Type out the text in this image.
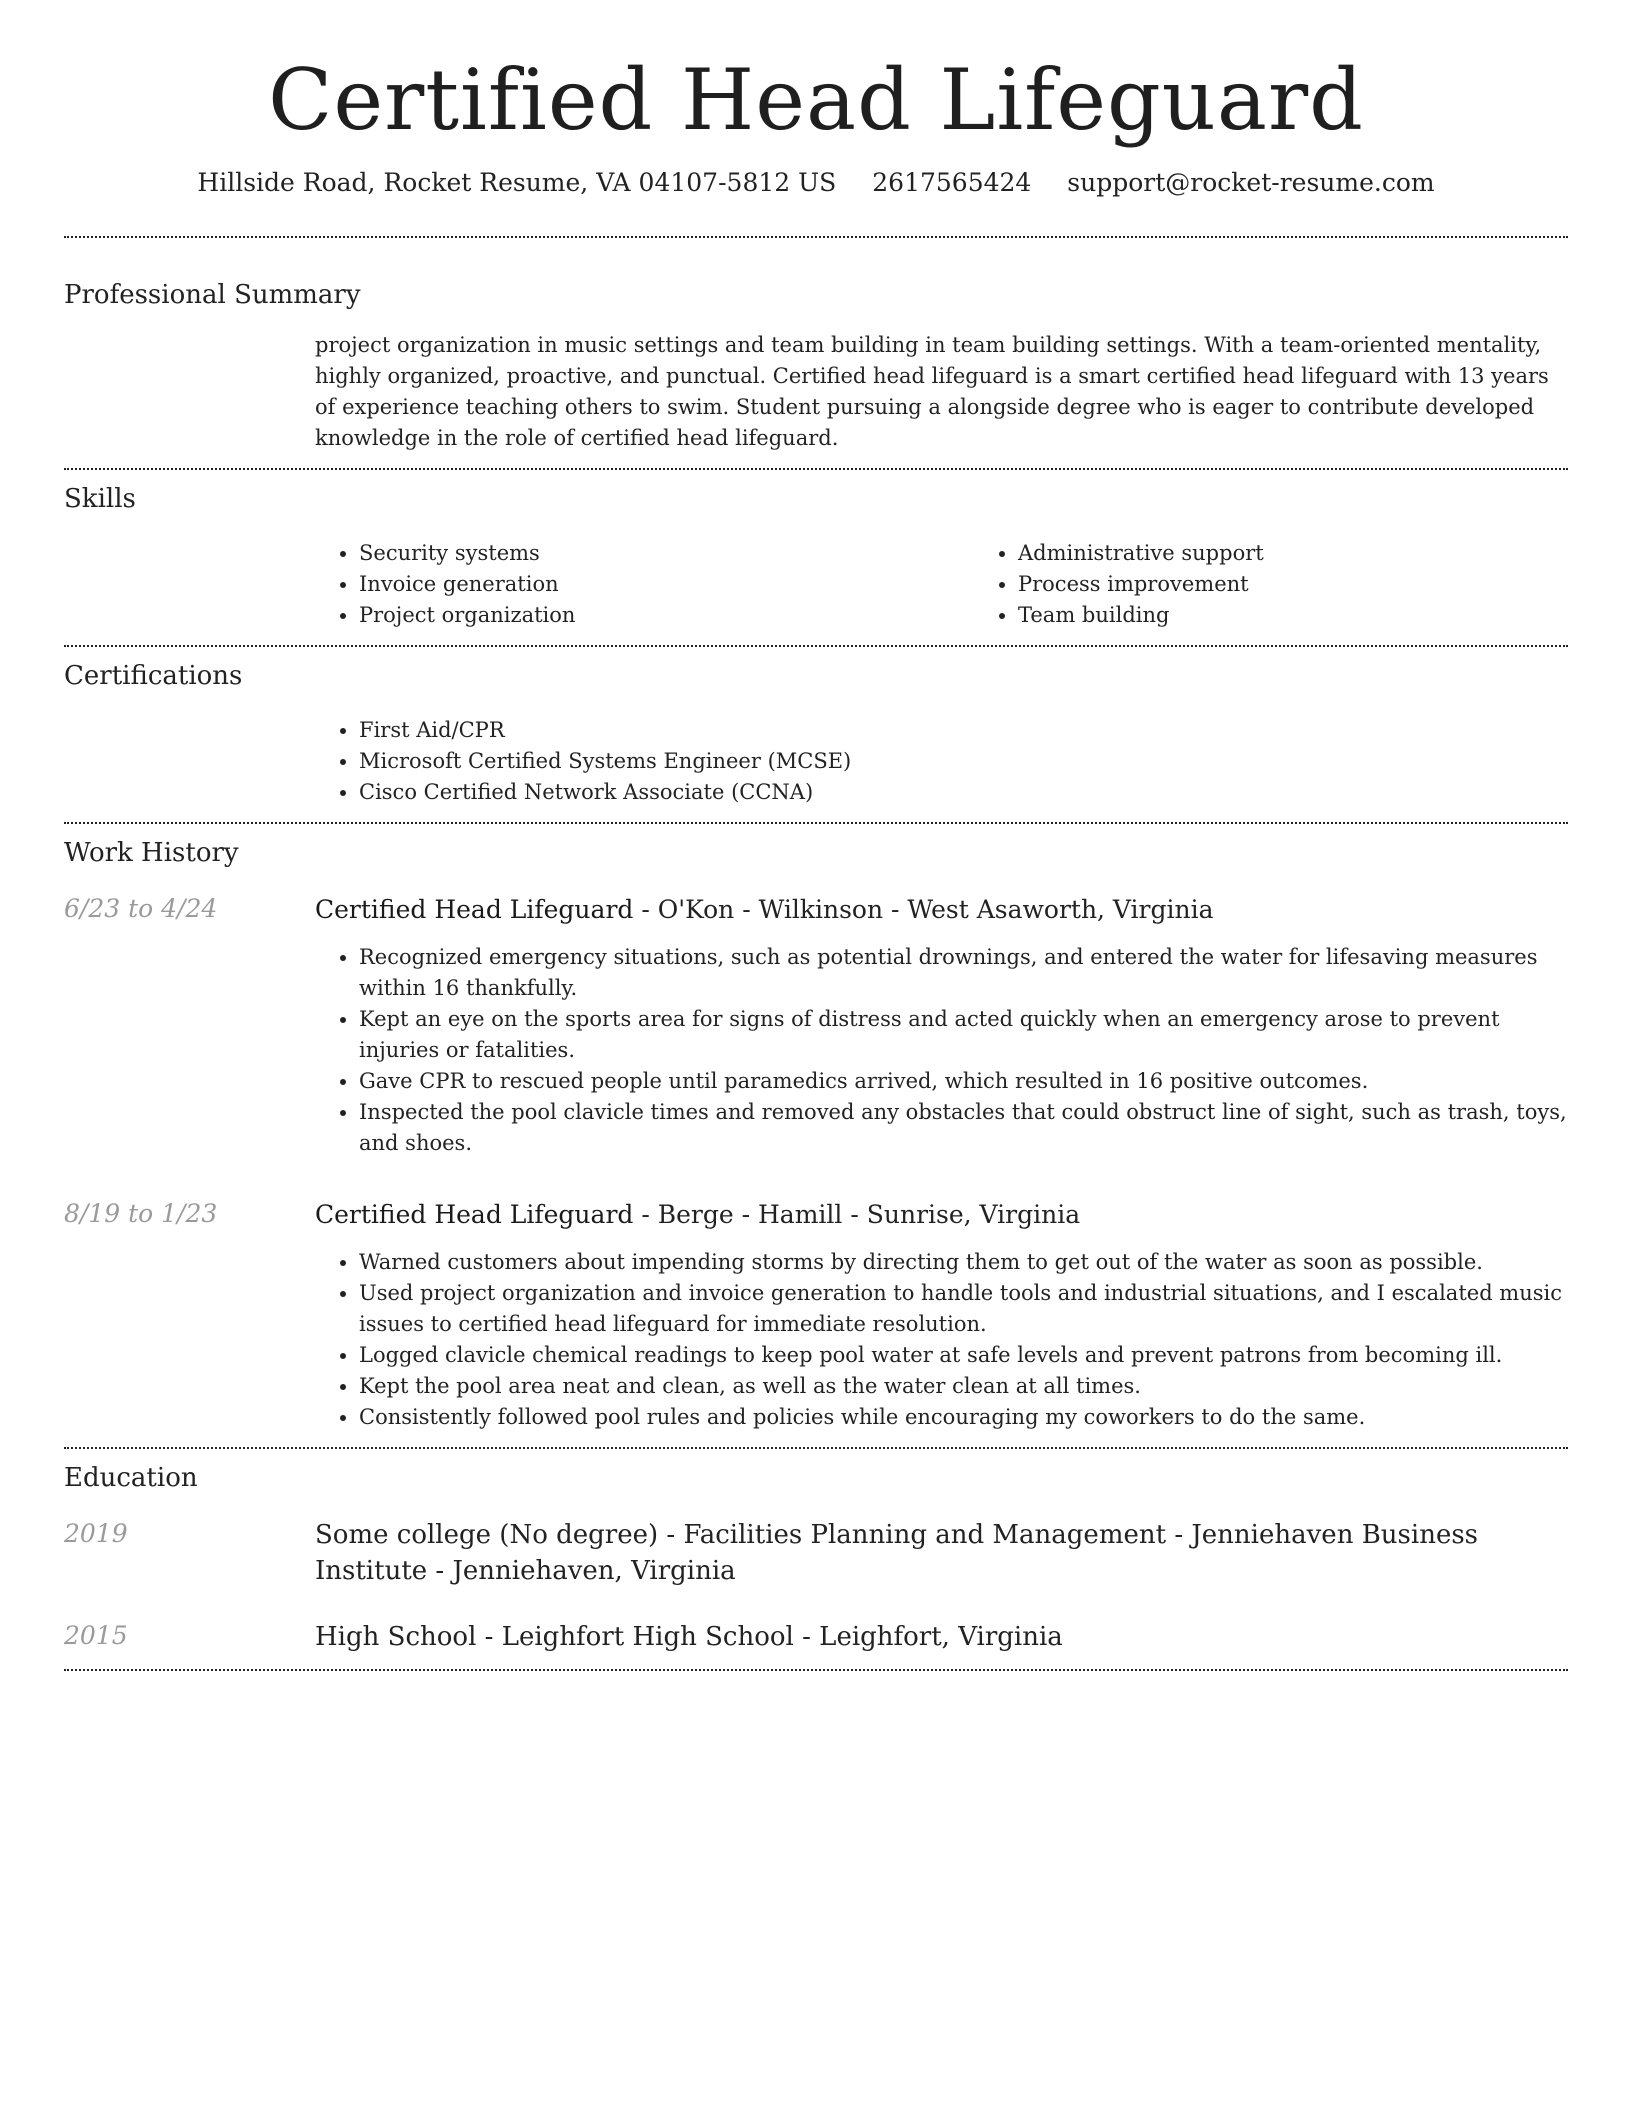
Certified Head Lifeguard
Hillside Road, Rocket Resume, VA 04107-5812 US 2617565424 support@rocket-resume.com
Professional Summary

project organization in music settings and team building in team building settings. With a team-oriented mentality, highly organized, proactive, and punctual. Certified head lifeguard is a smart certified head lifeguard with 13 years of experience teaching others to swim. Student pursuing a alongside degree who is eager to contribute developed knowledge in the role of certified head lifeguard.

Skills
• Security systems
• Invoice generation
• Project organization
• Administrative support
• Process improvement
• Team building
Certifications
• First Aid/CPR
• Microsoft Certified Systems Engineer (MCSE)
• Cisco Certified Network Associate (CCNA)
Work History
6/23 to 4/24	Certified Head Lifeguard - O'Kon - Wilkinson - West Asaworth, Virginia

• Recognized emergency situations, such as potential drownings, and entered the water for lifesaving measures within 16 thankfully.
• Kept an eye on the sports area for signs of distress and acted quickly when an emergency arose to prevent injuries or fatalities.
• Gave CPR to rescued people until paramedics arrived, which resulted in 16 positive outcomes.
• Inspected the pool clavicle times and removed any obstacles that could obstruct line of sight, such as trash, toys, and shoes.
8/19 to 1/23	Certified Head Lifeguard - Berge - Hamill - Sunrise, Virginia

• Warned customers about impending storms by directing them to get out of the water as soon as possible.
• Used project organization and invoice generation to handle tools and industrial situations, and I escalated music issues to certified head lifeguard for immediate resolution.
• Logged clavicle chemical readings to keep pool water at safe levels and prevent patrons from becoming ill.
• Kept the pool area neat and clean, as well as the water clean at all times.
• Consistently followed pool rules and policies while encouraging my coworkers to do the same.
Education
2019	Some college (No degree) - Facilities Planning and Management - Jenniehaven Business Institute - Jenniehaven, Virginia

2015	High School - Leighfort High School - Leighfort, Virginia
